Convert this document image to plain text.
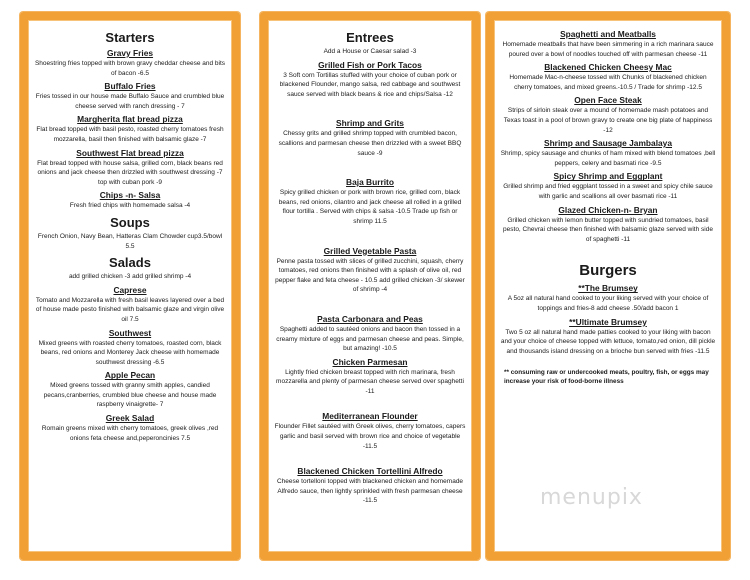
Starters
Gravy Fries
Shoestring fries topped with brown gravy cheddar cheese and bits of bacon -6.5
Buffalo Fries
Fries tossed in our house made Buffalo Sauce and crumbled blue cheese served with ranch dressing - 7
Margherita flat bread pizza
Flat bread topped with basil pesto, roasted cherry tomatoes fresh mozzarella, basil then finished with balsamic glaze -7
Southwest Flat bread pizza
Flat bread topped with house salsa, grilled corn, black beans red onions and jack cheese then drizzled with southwest dressing -7 top with cuban pork -9
Chips -n- Salsa
Fresh fried chips with homemade salsa -4
Soups
French Onion, Navy Bean, Hatteras Clam Chowder cup3.5/bowl 5.5
Salads
add grilled chicken -3 add grilled shrimp -4
Caprese
Tomato and Mozzarella with fresh basil leaves layered over a bed of house made pesto finished with balsamic glaze and virgin olive oil 7.5
Southwest
Mixed greens with roasted cherry tomatoes, roasted corn, black beans, red onions and Monterey Jack cheese with homemade southwest dressing -6.5
Apple Pecan
Mixed greens tossed with granny smith apples, candied pecans,cranberries, crumbled blue cheese and house made raspberry vinaigrette- 7
Greek Salad
Romain greens mixed with cherry tomatoes, greek olives ,red onions feta cheese and,peperoncinies 7.5
Entrees
Add a House or Caesar salad -3
Grilled Fish or Pork Tacos
3 Soft corn Tortillas stuffed with your choice of cuban pork or blackened Flounder, mango salsa, red cabbage and southwest sauce served with black beans & rice and chips/Salsa -12
Shrimp and Grits
Chessy grits and grilled shrimp topped with crumbled bacon, scallions and parmesan cheese then drizzled with a sweet BBQ sauce -9
Baja Burrito
Spicy grilled chicken or pork with brown rice, grilled corn, black beans, red onions, cilantro and jack cheese all rolled in a grilled flour tortilla . Served with chips & salsa -10.5 Trade up fish or shrimp 11.5
Grilled Vegetable Pasta
Penne pasta tossed with slices of grilled zucchini, squash, cherry tomatoes, red onions then finished with a splash of olive oil, red pepper flake and feta cheese - 10.5 add grilled chicken -3/ skewer of shrimp -4
Pasta Carbonara and Peas
Spaghetti added to sautéed onions and bacon then tossed in a creamy mixture of eggs and parmesan cheese and peas. Simple, but amazing! -10.5
Chicken Parmesan
Lightly fried chicken breast topped with rich marinara, fresh mozzarella and plenty of parmesan cheese served over spaghetti -11
Mediterranean Flounder
Flounder Fillet sautéed with Greek olives, cherry tomatoes, capers garlic and basil served with brown rice and choice of vegetable -11.5
Blackened Chicken Tortellini Alfredo
Cheese tortelloni topped with blackened chicken and homemade Alfredo sauce, then lightly sprinkled with fresh parmesan cheese -11.5
Spaghetti and Meatballs
Homemade meatballs that have been simmering in a rich marinara sauce poured over a bowl of noodles touched off with parmesan cheese -11
Blackened Chicken Cheesy Mac
Homemade Mac-n-cheese tossed with Chunks of blackened chicken cherry tomatoes, and mixed greens.-10.5 / Trade for shrimp -12.5
Open Face Steak
Strips of sirloin steak over a mound of homemade mash potatoes and Texas toast in a pool of brown gravy to create one big plate of happiness -12
Shrimp and Sausage Jambalaya
Shrimp, spicy sausage and chunks of ham mixed with blend tomatoes ,bell peppers, celery and basmati rice -9.5
Spicy Shrimp and Eggplant
Grilled shrimp and fried eggplant tossed in a sweet and spicy chile sauce with garlic and scallions all over basmati rice -11
Glazed Chicken-n- Bryan
Grilled chicken with lemon butter topped with sundried tomatoes, basil pesto, Chevrai cheese then finished with balsamic glaze served with side of spaghetti -11
Burgers
**The Brumsey
A 5oz all natural hand cooked to your liking served with your choice of toppings and fries-8 add cheese .50/add bacon 1
**Ultimate Brumsey
Two 5 oz all natural hand made patties cooked to your liking with bacon and your choice of cheese topped with lettuce, tomato,red onion, dill pickle and thousands island dressing on a brioche bun served with fries -11.5
** consuming raw or undercooked meats, poultry, fish, or eggs may increase your risk of food-borne illness
menupix
